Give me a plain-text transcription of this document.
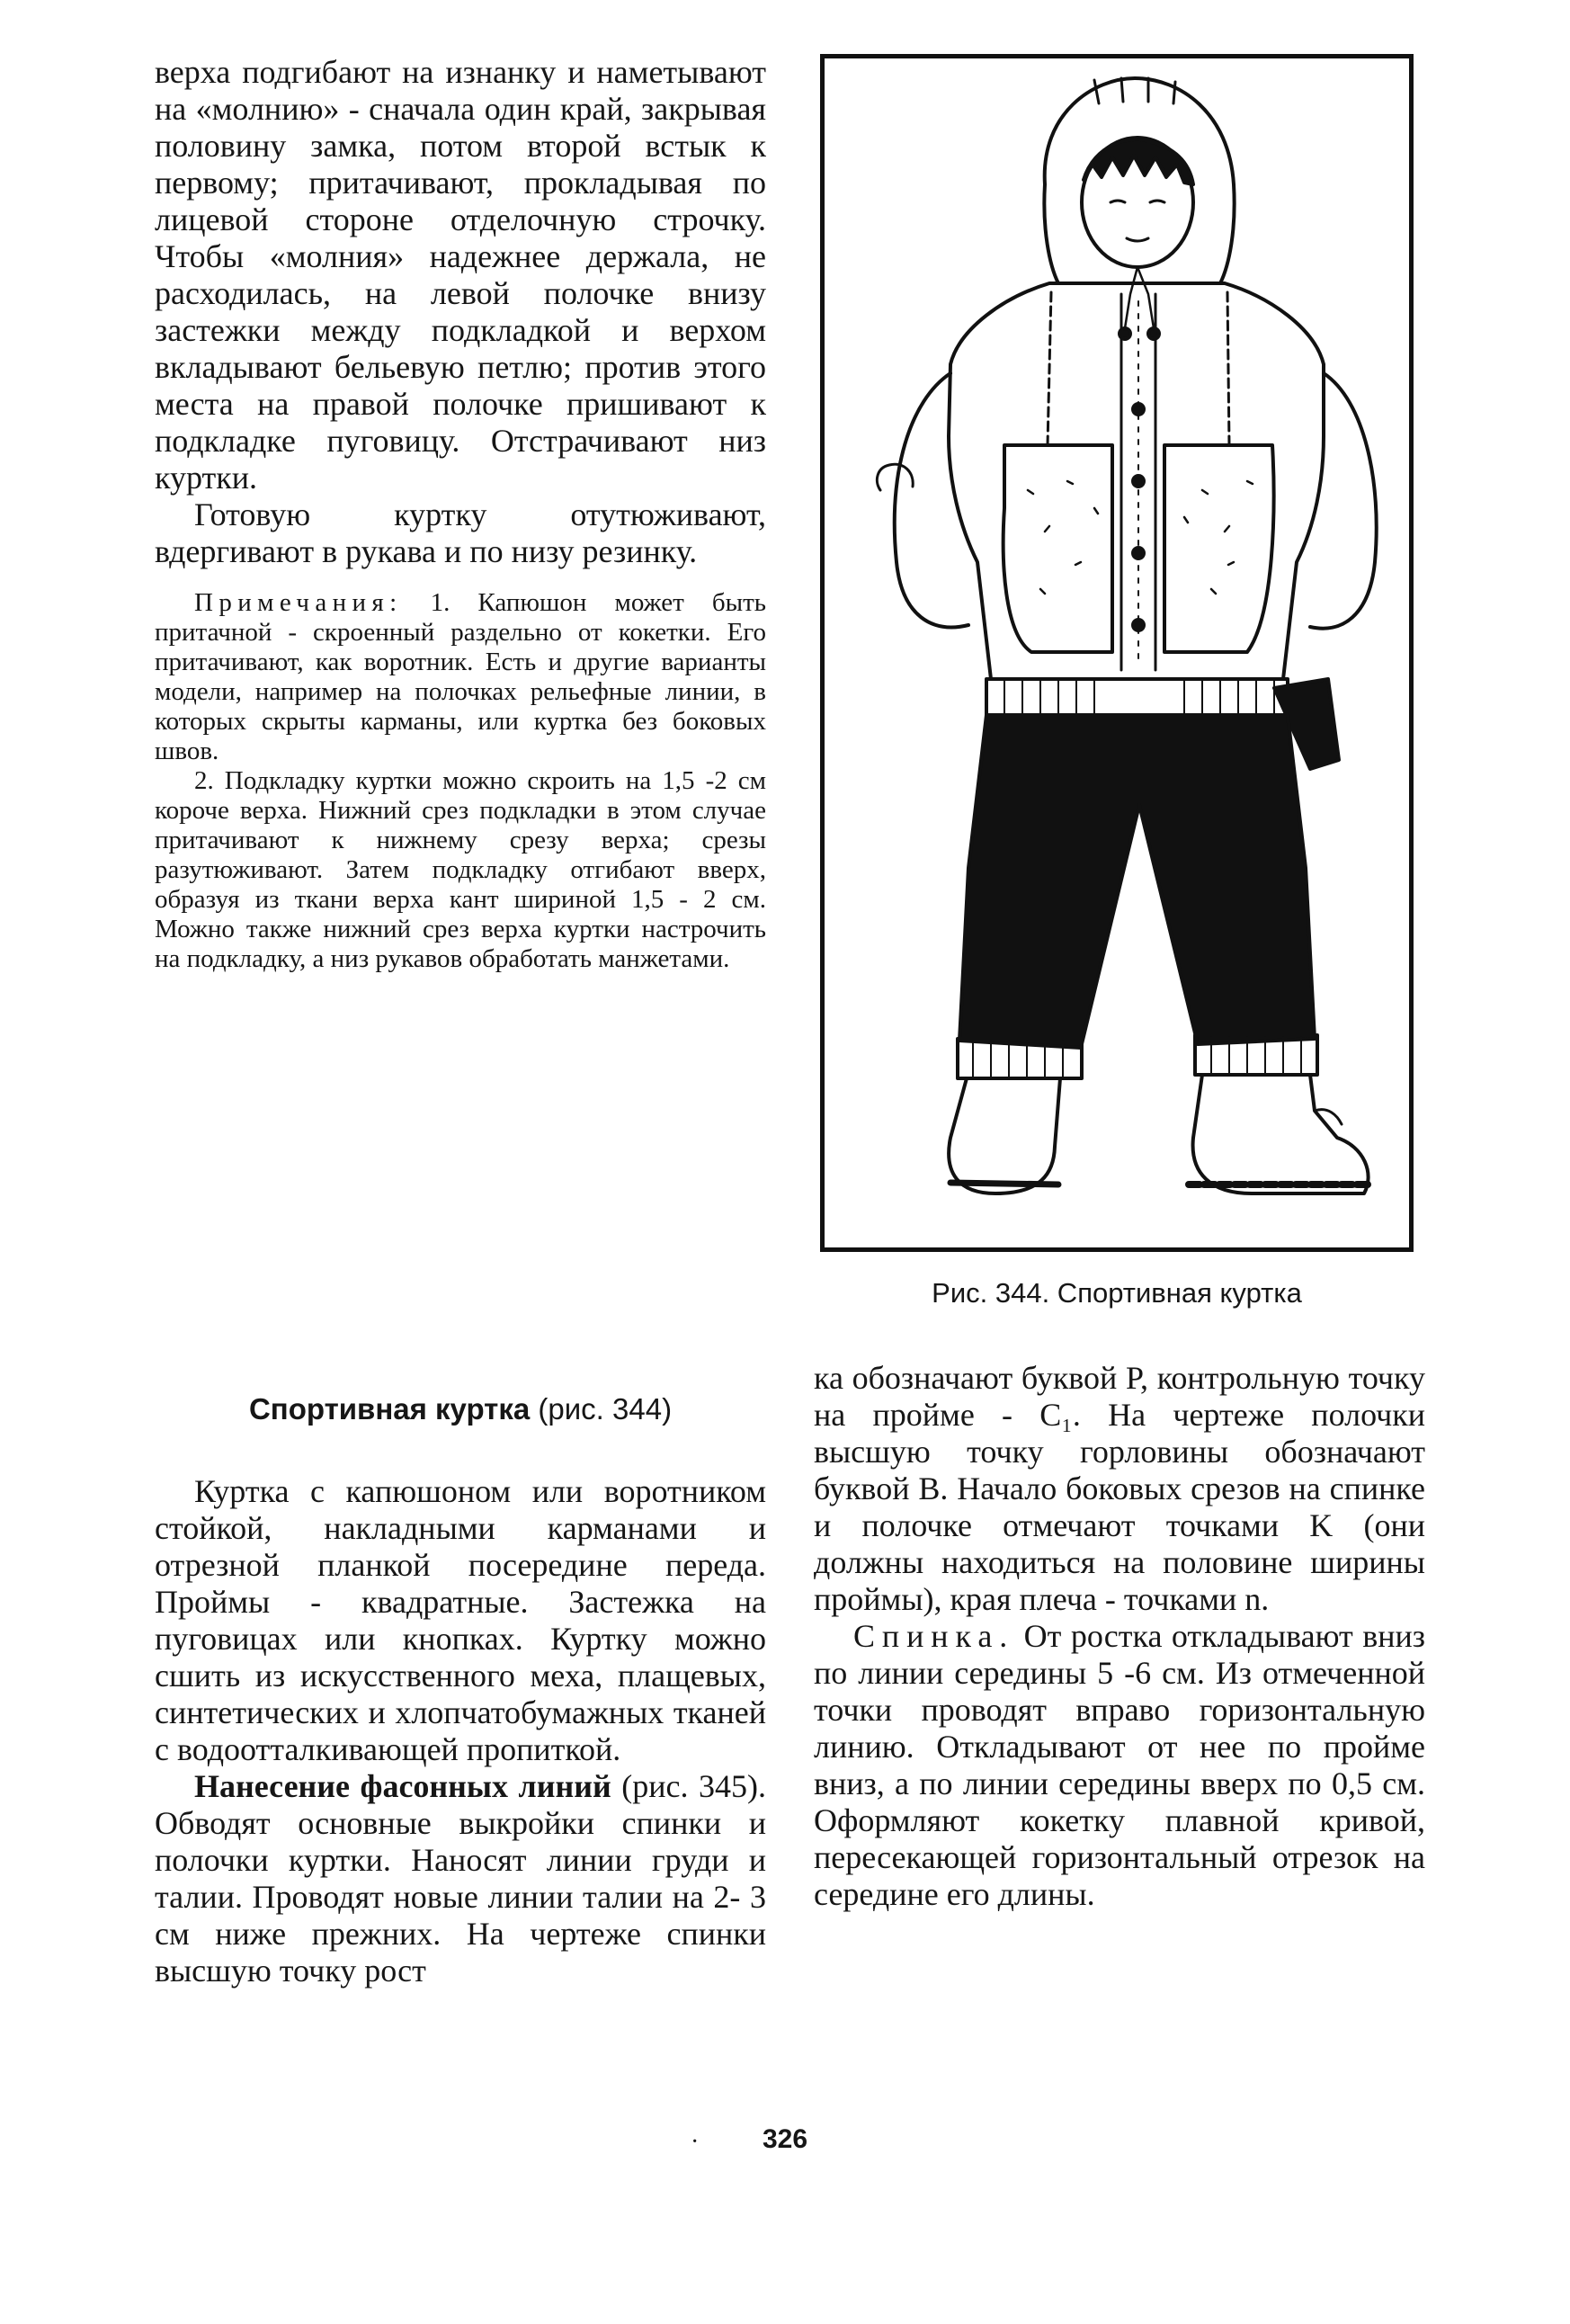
верха подгибают на изнанку и наметывают на «молнию» - сначала один край, закрывая половину замка, потом второй встык к первому; притачивают, прокладывая по лицевой стороне отделочную строчку. Чтобы «молния» надежнее держала, не расходилась, на левой полочке внизу застежки между подкладкой и верхом вкладывают бельевую петлю; против этого места на правой полочке пришивают к подкладке пуговицу. Отстрачивают низ куртки.

Готовую куртку отутюживают, вдергивают в рукава и по низу резинку.

Примечания: 1. Капюшон может быть притачной - скроенный раздельно от кокетки. Его притачивают, как воротник. Есть и другие варианты модели, например на полочках рельефные линии, в которых скрыты карманы, или куртка без боковых швов.

2. Подкладку куртки можно скроить на 1,5 -2 см короче верха. Нижний срез подкладки в этом случае притачивают к нижнему срезу верха; срезы разутюживают. Затем подкладку отгибают вверх, образуя из ткани верха кант шириной 1,5 - 2 см. Можно также нижний срез верха куртки настрочить на подкладку, а низ рукавов обработать манжетами.

Спортивная куртка (рис. 344)

Куртка с капюшоном или воротником стойкой, накладными карманами и отрезной планкой посередине переда. Проймы - квадратные. Застежка на пуговицах или кнопках. Куртку можно сшить из искусственного меха, плащевых, синтетических и хлопчатобумажных тканей с водоотталкивающей пропиткой.

Нанесение фасонных линий (рис. 345). Обводят основные выкройки спинки и полочки куртки. Наносят линии груди и талии. Проводят новые линии талии на 2- 3 см ниже прежних. На чертеже спинки высшую точку рост

ка обозначают буквой P, контрольную точку на пройме - C₁. На чертеже полочки высшую точку горловины обозначают буквой B. Начало боковых срезов на спинке и полочке отмечают точками K (они должны находиться на половине ширины проймы), края плеча - точками n.

Спинка. От ростка откладывают вниз по линии середины 5 -6 см. Из отмеченной точки проводят вправо горизонтальную линию. Откладывают от нее по пройме вниз, а по линии середины вверх по 0,5 см. Оформляют кокетку плавной кривой, пересекающей горизонтальный отрезок на середине его длины.

Рис. 344. Спортивная куртка
·	326
